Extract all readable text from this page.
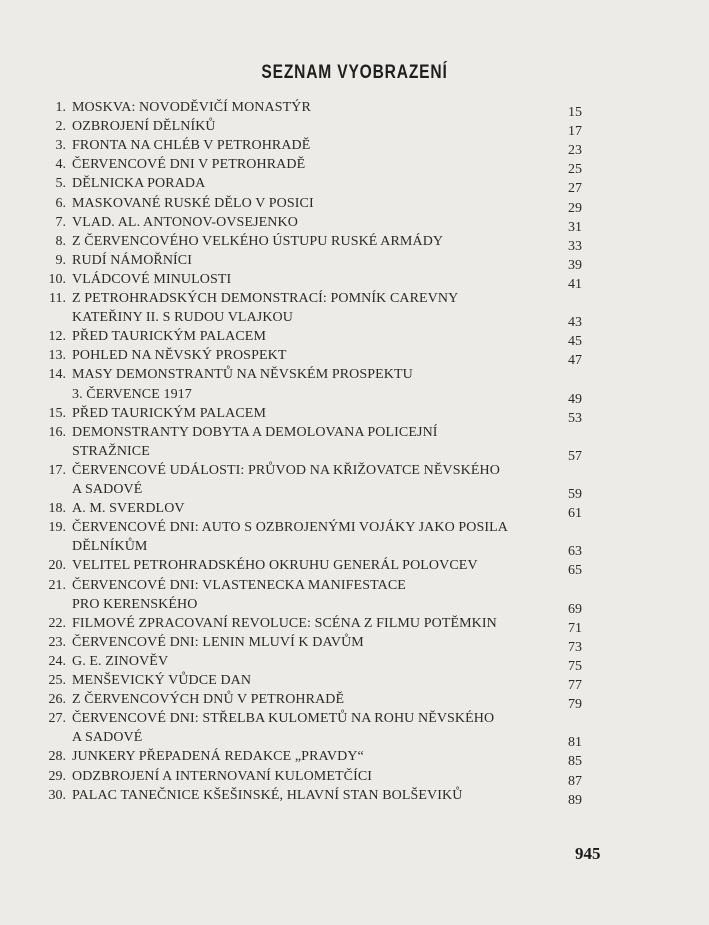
SEZNAM VYOBRAZENÍ
1. MOSKVA: NOVODĚVIČÍ MONASTÝR	15
2. OZBROJENÍ DĚLNÍKŮ	17
3. FRONTA NA CHLÉB V PETROHRADĚ	23
4. ČERVENCOVÉ DNI V PETROHRADĚ	25
5. DĚLNICKA PORADA	27
6. MASKOVANÉ RUSKÉ DĚLO V POSICI	29
7. VLAD. AL. ANTONOV-OVSEJENKO	31
8. Z ČERVENCOVÉHO VELKÉHO ÚSTUPU RUSKÉ ARMÁDY	33
9. RUDÍ NÁMOŘNÍCI	39
10. VLÁDCOVÉ MINULOSTI	41
11. Z PETROHRADSKÝCH DEMONSTRACÍ: POMNÍK CAREVNY
KATEŘINY II. S RUDOU VLAJKOU	43
12. PŘED TAURICKÝM PALACEM	45
13. POHLED NA NĚVSKÝ PROSPEKT	47
14. MASY DEMONSTRANTŮ NA NĚVSKÉM PROSPEKTU
3. ČERVENCE 1917	49
15. PŘED TAURICKÝM PALACEM	53
16. DEMONSTRANTY DOBYTA A DEMOLOVANA POLICEJNÍ
STRAŽNICE	57
17. ČERVENCOVÉ UDÁLOSTI: PRŮVOD NA KŘIŽOVATCE NĚVSKÉHO
A SADOVÉ	59
18. A. M. SVERDLOV	61
19. ČERVENCOVÉ DNI: AUTO S OZBROJENÝMI VOJÁKY JAKO POSILA
DĚLNÍKŮM	63
20. VELITEL PETROHRADSKÉHO OKRUHU GENERÁL POLOVCEV	65
21. ČERVENCOVÉ DNI: VLASTENECKA MANIFESTACE
PRO KERENSKÉHO	69
22. FILMOVÉ ZPRACOVANÍ REVOLUCE: SCÉNA Z FILMU POTĚMKIN	71
23. ČERVENCOVÉ DNI: LENIN MLUVÍ K DAVŮM	73
24. G. E. ZINOVĚV	75
25. MENŠEVICKÝ VŮDCE DAN	77
26. Z ČERVENCOVÝCH DNŮ V PETROHRADĚ	79
27. ČERVENCOVÉ DNI: STŘELBA KULOMETŮ NA ROHU NĚVSKÉHO
A SADOVÉ	81
28. JUNKERY PŘEPADENÁ REDAKCE „PRAVDY“	85
29. ODZBROJENÍ A INTERNOVANÍ KULOMETČÍCI	87
30. PALAC TANEČNICE KŠEŠINSKÉ, HLAVNÍ STAN BOLŠEVIKŮ	89
945
